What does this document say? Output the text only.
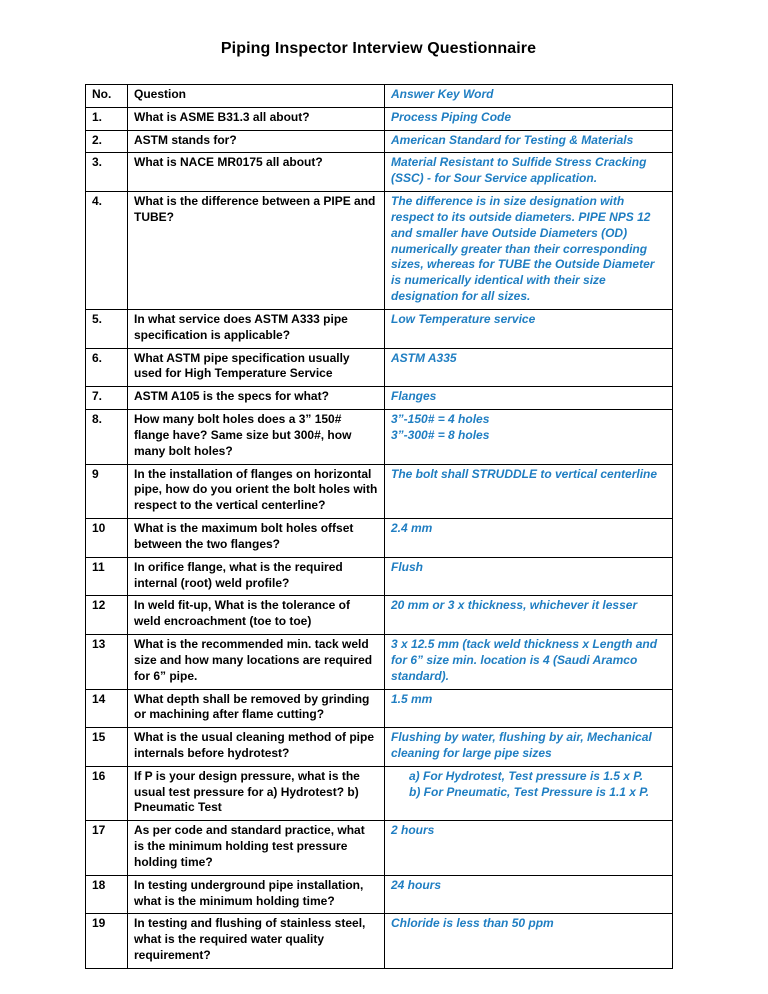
Piping Inspector Interview Questionnaire
No.	Question	Answer Key Word
1.	What is ASME B31.3 all about?	Process Piping Code

2.	ASTM stands for?	American Standard for Testing & Materials

3.	What is NACE MR0175 all about?	Material Resistant to Sulfide Stress Cracking (SSC) - for Sour Service application.

4.	What is the difference between a PIPE and TUBE?	The difference is in size designation with respect to its outside diameters. PIPE NPS 12 and smaller have Outside Diameters (OD) numerically greater than their corresponding sizes, whereas for TUBE the Outside Diameter is numerically identical with their size designation for all sizes.

5.	In what service does ASTM A333 pipe specification is applicable?	Low Temperature service

6.	What ASTM pipe specification usually used for High Temperature Service	ASTM A335

7.	ASTM A105 is the specs for what?	Flanges

8.	How many bolt holes does a 3” 150# flange have? Same size but 300#, how many bolt holes?	3”-150# = 4 holes
3”-300# = 8 holes

9	In the installation of flanges on horizontal pipe, how do you orient the bolt holes with respect to the vertical centerline?	The bolt shall STRUDDLE to vertical centerline

10	What is the maximum bolt holes offset between the two flanges?	2.4 mm

11	In orifice flange, what is the required internal (root) weld profile?	Flush

12	In weld fit-up, What is the tolerance of weld encroachment (toe to toe)	20 mm or 3 x thickness, whichever it lesser

13	What is the recommended min. tack weld size and how many locations are required for 6” pipe.	3 x 12.5 mm (tack weld thickness x Length and for 6” size min. location is 4 (Saudi Aramco standard).

14	What depth shall be removed by grinding or machining after flame cutting?	1.5 mm

15	What is the usual cleaning method of pipe internals before hydrotest?	Flushing by water, flushing by air, Mechanical cleaning for large pipe sizes

16	If P is your design pressure, what is the usual test pressure for a) Hydrotest? b) Pneumatic Test	a) For Hydrotest, Test pressure is 1.5 x P.
b) For Pneumatic, Test Pressure is 1.1 x P.

17	As per code and standard practice, what is the minimum holding test pressure holding time?	2 hours

18	In testing underground pipe installation, what is the minimum holding time?	24 hours

19	In testing and flushing of stainless steel, what is the required water quality requirement?	Chloride is less than 50 ppm
